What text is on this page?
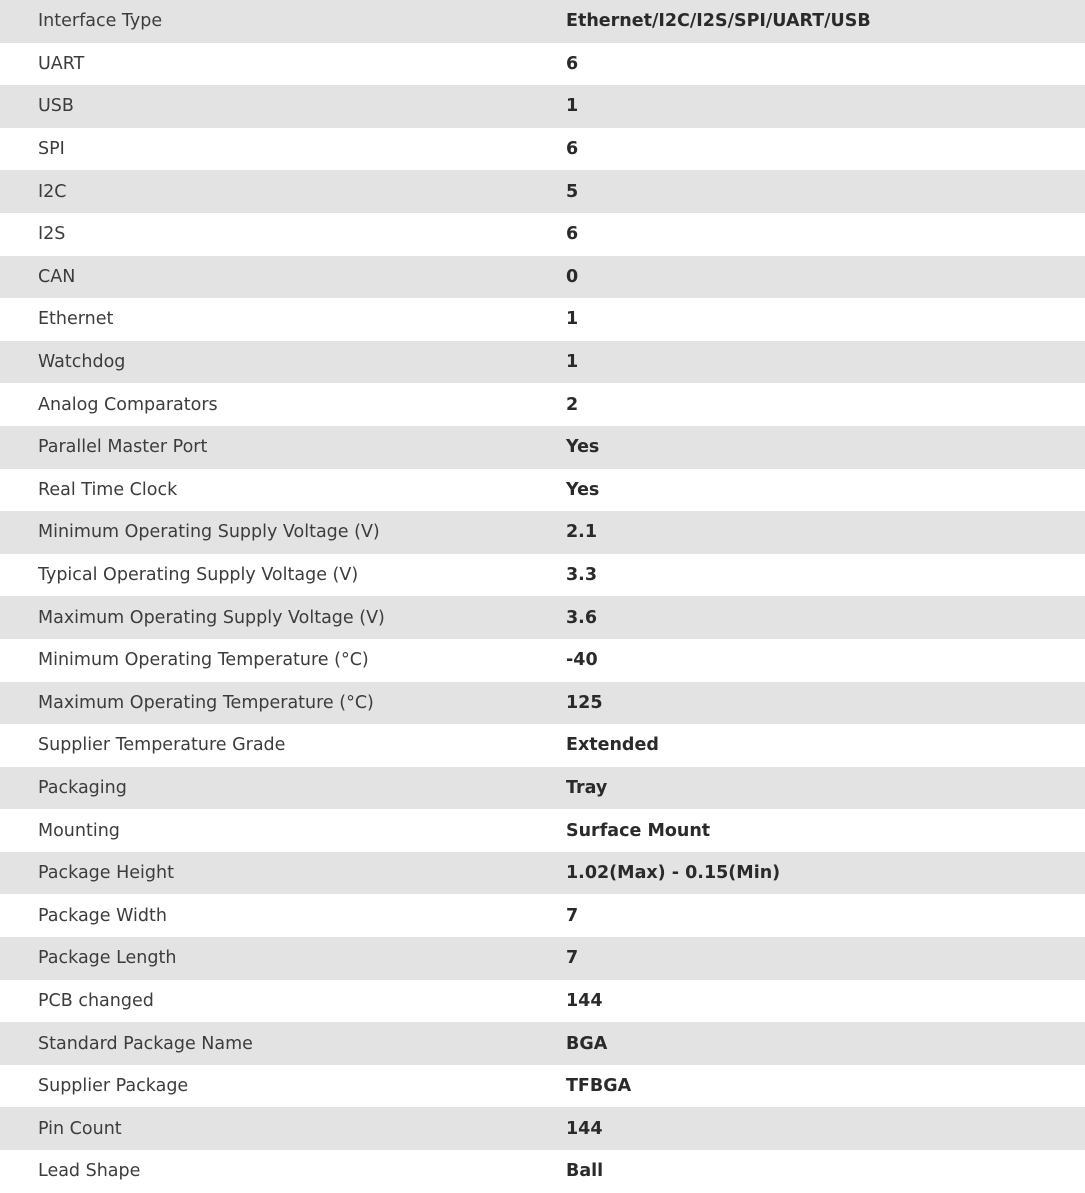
Interface Type	Ethernet/I2C/I2S/SPI/UART/USB
UART	6
USB	1
SPI	6
I2C	5
I2S	6
CAN	0
Ethernet	1
Watchdog	1
Analog Comparators	2
Parallel Master Port	Yes
Real Time Clock	Yes
Minimum Operating Supply Voltage (V)	2.1
Typical Operating Supply Voltage (V)	3.3
Maximum Operating Supply Voltage (V)	3.6
Minimum Operating Temperature (°C)	-40
Maximum Operating Temperature (°C)	125
Supplier Temperature Grade	Extended
Packaging	Tray
Mounting	Surface Mount
Package Height	1.02(Max) - 0.15(Min)
Package Width	7
Package Length	7
PCB changed	144
Standard Package Name	BGA
Supplier Package	TFBGA
Pin Count	144
Lead Shape	Ball
